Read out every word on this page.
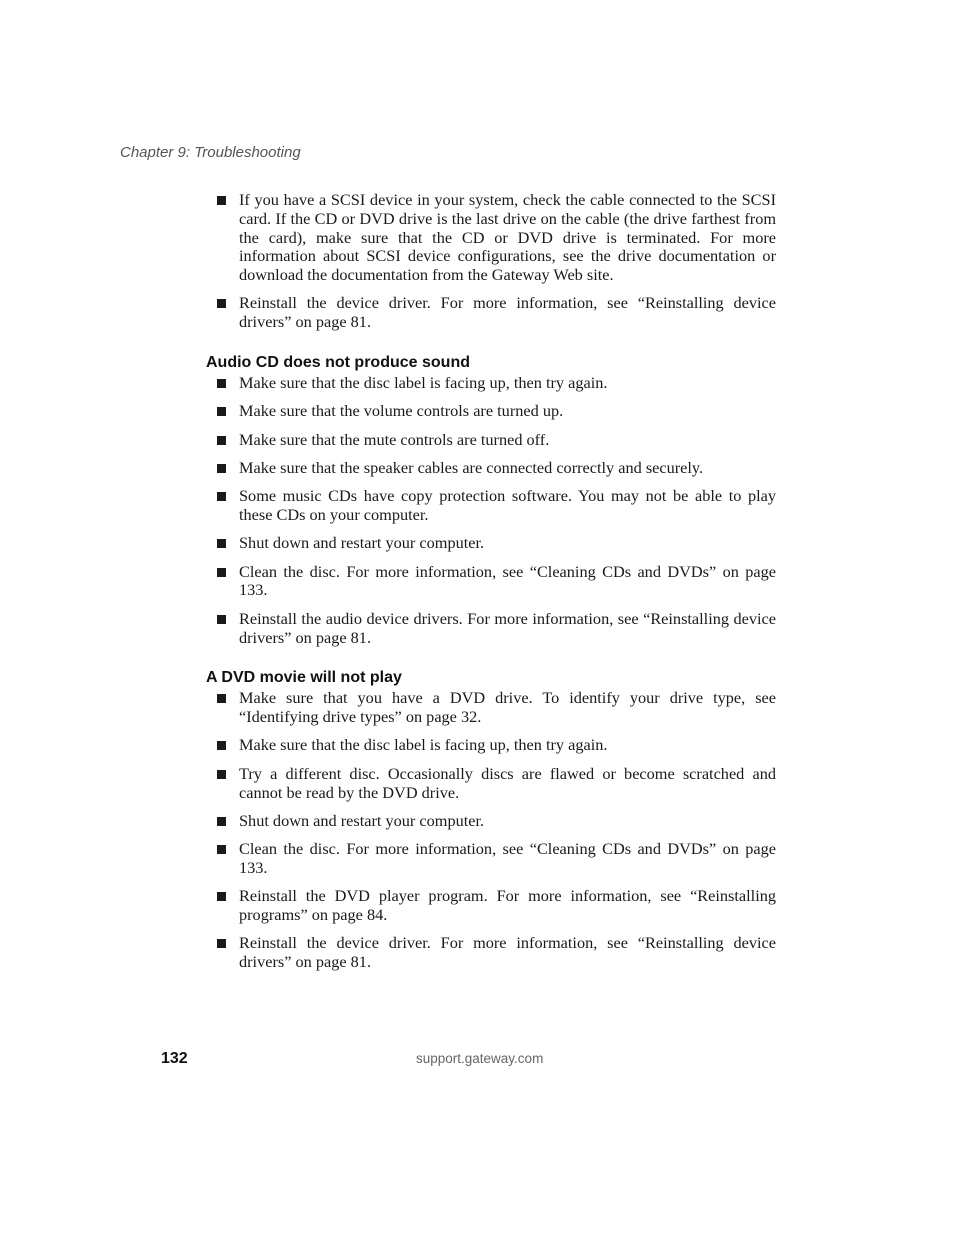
Chapter 9: Troubleshooting
If you have a SCSI device in your system, check the cable connected to the SCSI card. If the CD or DVD drive is the last drive on the cable (the drive farthest from the card), make sure that the CD or DVD drive is terminated. For more information about SCSI device configurations, see the drive documentation or download the documentation from the Gateway Web site.
Reinstall the device driver. For more information, see “Reinstalling device drivers” on page 81.
Audio CD does not produce sound
Make sure that the disc label is facing up, then try again.
Make sure that the volume controls are turned up.
Make sure that the mute controls are turned off.
Make sure that the speaker cables are connected correctly and securely.
Some music CDs have copy protection software. You may not be able to play these CDs on your computer.
Shut down and restart your computer.
Clean the disc. For more information, see “Cleaning CDs and DVDs” on page 133.
Reinstall the audio device drivers. For more information, see “Reinstalling device drivers” on page 81.
A DVD movie will not play
Make sure that you have a DVD drive. To identify your drive type, see “Identifying drive types” on page 32.
Make sure that the disc label is facing up, then try again.
Try a different disc. Occasionally discs are flawed or become scratched and cannot be read by the DVD drive.
Shut down and restart your computer.
Clean the disc. For more information, see “Cleaning CDs and DVDs” on page 133.
Reinstall the DVD player program. For more information, see “Reinstalling programs” on page 84.
Reinstall the device driver. For more information, see “Reinstalling device drivers” on page 81.
132	support.gateway.com
